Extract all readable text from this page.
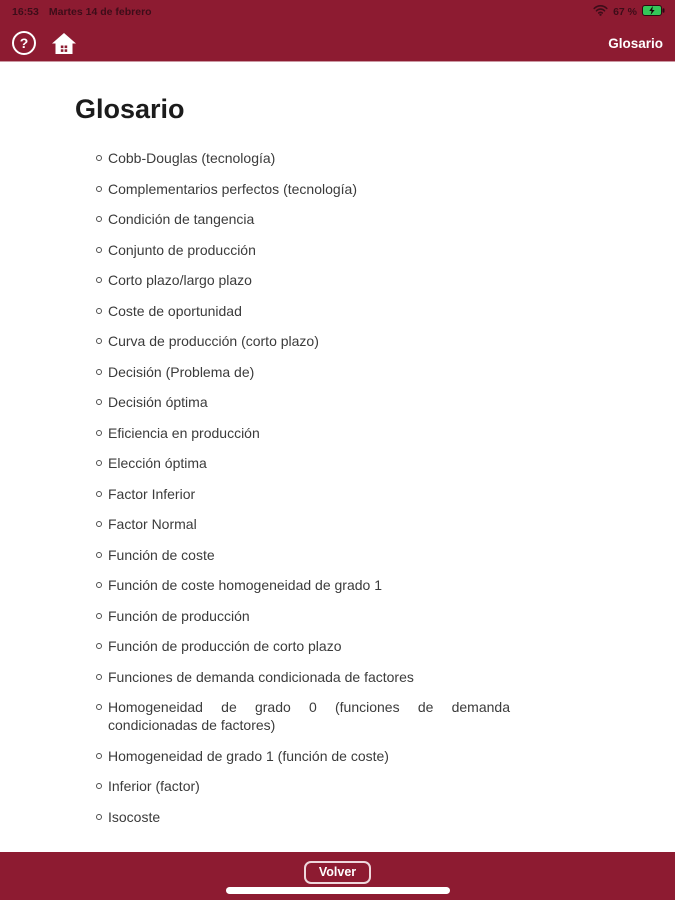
16:53 Martes 14 de febrero	67 %
?	Glosario
Glosario
Cobb-Douglas (tecnología)
Complementarios perfectos (tecnología)
Condición de tangencia
Conjunto de producción
Corto plazo/largo plazo
Coste de oportunidad
Curva de producción (corto plazo)
Decisión (Problema de)
Decisión óptima
Eficiencia en producción
Elección óptima
Factor Inferior
Factor Normal
Función de coste
Función de coste homogeneidad de grado 1
Función de producción
Función de producción de corto plazo
Funciones de demanda condicionada de factores
Homogeneidad de grado 0 (funciones de demanda condicionadas de factores)
Homogeneidad de grado 1 (función de coste)
Inferior (factor)
Isocoste
Volver
